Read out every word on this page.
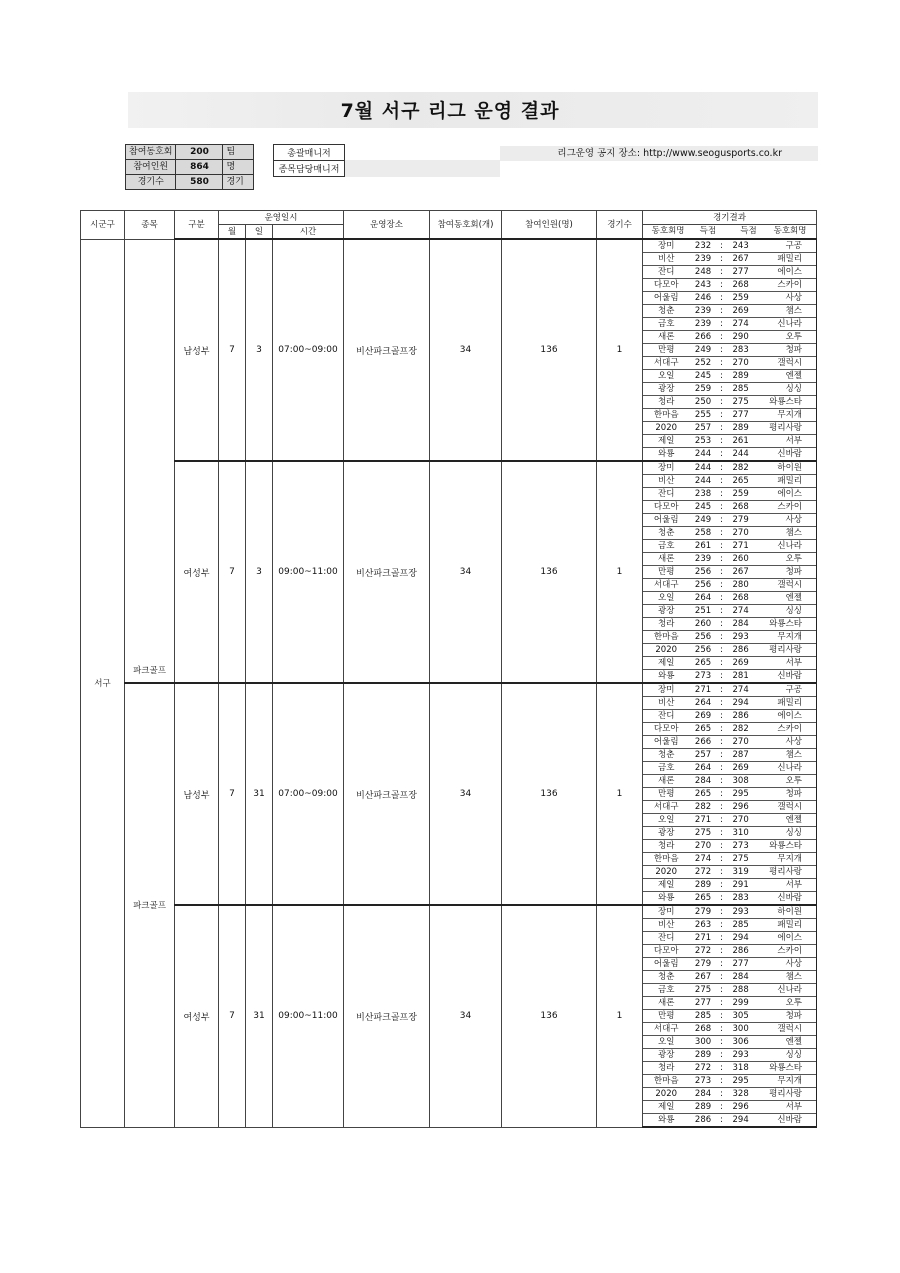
7월 서구 리그 운영 결과
참여동호회	200	팀
참여인원	864	명
경기수	580	경기
총괄매니저
종목담당매니저
리그운영 공지 장소: http://www.seogusports.co.kr
시군구	종목	구분	운영일시	운영장소	참여동호회(개)	참여인원(명)	경기수	경기결과
월	일	시간		동호회명	득점		득점	동호회명

서구	파크골프	남성부	7	3	07:00~09:00	비산파크골프장	34	136	1	
장미	232	:	243	구공
비산	239	:	267	패밀리
잔디	248	:	277	에이스
다모아	243	:	268	스카이
어울림	246	:	259	사상
청춘	239	:	269	챔스
금호	239	:	274	신나라
새론	266	:	290	오투
만평	249	:	283	청파
서대구	252	:	270	갤럭시
오일	245	:	289	엔젤
광장	259	:	285	싱싱
청라	250	:	275	와룡스타
한마음	255	:	277	무지개
2020	257	:	289	평리사랑
제일	253	:	261	서부
와룡	244	:	244	신바람

여성부	7	3	09:00~11:00	비산파크골프장	34	136	1	
장미	244	:	282	하이원
비산	244	:	265	패밀리
잔디	238	:	259	에이스
다모아	245	:	268	스카이
어울림	249	:	279	사상
청춘	258	:	270	챔스
금호	261	:	271	신나라
새론	239	:	260	오투
만평	256	:	267	청파
서대구	256	:	280	갤럭시
오일	264	:	268	엔젤
광장	251	:	274	싱싱
청라	260	:	284	와룡스타
한마음	256	:	293	무지개
2020	256	:	286	평리사랑
제일	265	:	269	서부
와룡	273	:	281	신바람

파크골프	남성부	7	31	07:00~09:00	비산파크골프장	34	136	1	
장미	271	:	274	구공
비산	264	:	294	패밀리
잔디	269	:	286	에이스
다모아	265	:	282	스카이
어울림	266	:	270	사상
청춘	257	:	287	챔스
금호	264	:	269	신나라
새론	284	:	308	오투
만평	265	:	295	청파
서대구	282	:	296	갤럭시
오일	271	:	270	엔젤
광장	275	:	310	싱싱
청라	270	:	273	와룡스타
한마음	274	:	275	무지개
2020	272	:	319	평리사랑
제일	289	:	291	서부
와룡	265	:	283	신바람

여성부	7	31	09:00~11:00	비산파크골프장	34	136	1	
장미	279	:	293	하이원
비산	263	:	285	패밀리
잔디	271	:	294	에이스
다모아	272	:	286	스카이
어울림	279	:	277	사상
청춘	267	:	284	챔스
금호	275	:	288	신나라
새론	277	:	299	오투
만평	285	:	305	청파
서대구	268	:	300	갤럭시
오일	300	:	306	엔젤
광장	289	:	293	싱싱
청라	272	:	318	와룡스타
한마음	273	:	295	무지개
2020	284	:	328	평리사랑
제일	289	:	296	서부
와룡	286	:	294	신바람
